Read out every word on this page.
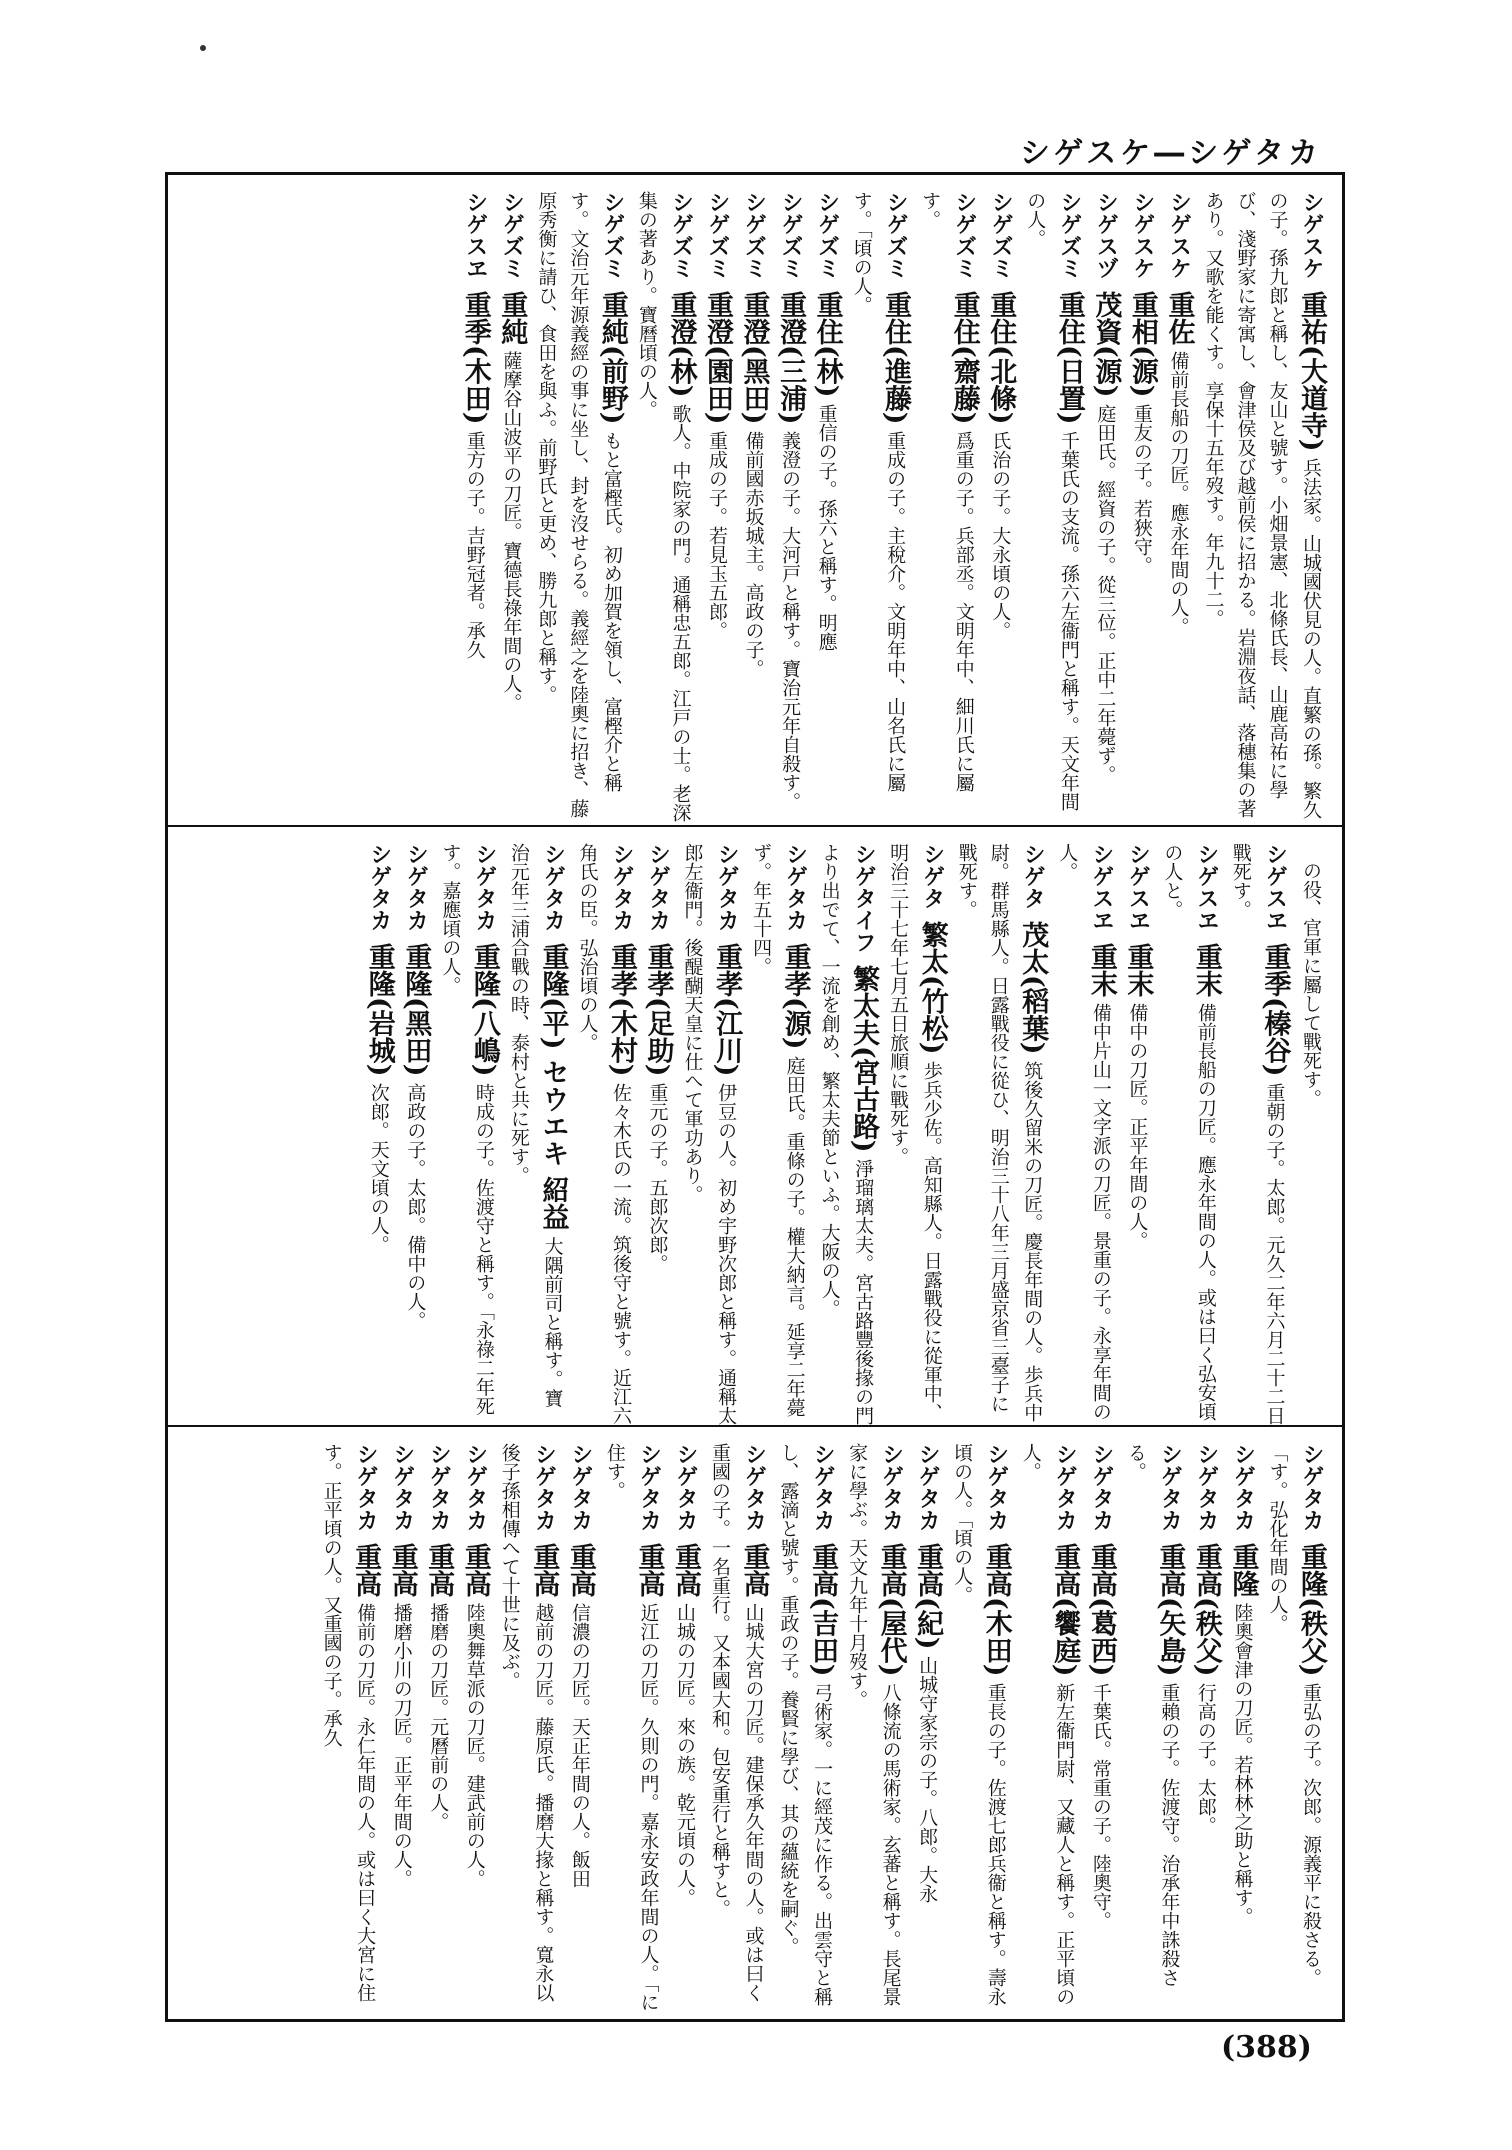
シゲスケ―シゲタカ
シゲスケ重祐(大道寺)兵法家。山城國伏見の人。直繁の孫。繁久の子。孫九郎と稱し、友山と號す。小畑景憲、北條氏長、山鹿高祐に學び、淺野家に寄寓し、會津侯及び越前侯に招かる。岩淵夜話、落穗集の著あり。又歌を能くす。享保十五年歿す。年九十二。
シゲスケ重佐備前長船の刀匠。應永年間の人。
シゲスケ重相(源)重友の子。若狹守。
シゲスヅ茂資(源)庭田氏。經資の子。從三位。正中二年薨ず。
シゲズミ重住(日置)千葉氏の支流。孫六左衞門と稱す。天文年間の人。
シゲズミ重住(北條)氏治の子。大永頃の人。
シゲズミ重住(齋藤)爲重の子。兵部丞。文明年中、細川氏に屬す。
シゲズミ重住(進藤)重成の子。主稅介。文明年中、山名氏に屬す。「頃の人。
シゲズミ重住(林)重信の子。孫六と稱す。明應
シゲズミ重澄(三浦)義澄の子。大河戸と稱す。寶治元年自殺す。
シゲズミ重澄(黑田)備前國赤坂城主。高政の子。
シゲズミ重澄(園田)重成の子。若見玉五郎。
シゲズミ重澄(林)歌人。中院家の門。通稱忠五郎。江戸の士。老深集の著あり。寶曆頃の人。
シゲズミ重純(前野)もと富樫氏。初め加賀を領し、富樫介と稱す。文治元年源義經の事に坐し、封を沒せらる。義經之を陸奧に招き、藤原秀衡に請ひ、食田を與ふ。前野氏と更め、勝九郎と稱す。
シゲズミ重純薩摩谷山波平の刀匠。寶德長祿年間の人。
シゲスヱ重季(木田)重方の子。吉野冠者。承久
の役、官軍に屬して戰死す。
シゲスヱ重季(榛谷)重朝の子。太郎。元久二年六月二十二日戰死す。
シゲスヱ重末備前長船の刀匠。應永年間の人。或は曰く弘安頃の人と。
シゲスヱ重末備中の刀匠。正平年間の人。
シゲスヱ重末備中片山一文字派の刀匠。景重の子。永享年間の人。
シゲタ茂太(稻葉)筑後久留米の刀匠。慶長年間の人。歩兵中尉。群馬縣人。日露戰役に從ひ、明治三十八年三月盛京省三臺子に戰死す。
シゲタ繁太(竹松)歩兵少佐。高知縣人。日露戰役に從軍中、明治三十七年七月五日旅順に戰死す。
シゲタイフ繁太夫(宮古路)淨瑠璃太夫。宮古路豐後掾の門より出でて、一流を創め、繁太夫節といふ。大阪の人。
シゲタカ重孝(源)庭田氏。重條の子。權大納言。延享二年薨ず。年五十四。
シゲタカ重孝(江川)伊豆の人。初め宇野次郎と稱す。通稱太郎左衞門。後醍醐天皇に仕へて軍功あり。
シゲタカ重孝(足助)重元の子。五郎次郎。
シゲタカ重孝(木村)佐々木氏の一流。筑後守と號す。近江六角氏の臣。弘治頃の人。
シゲタカ重隆(平) セウエキ 紹益大隅前司と稱す。寶治元年三浦合戰の時、泰村と共に死す。
シゲタカ重隆(八嶋)時成の子。佐渡守と稱す。「永祿二年死す。嘉應頃の人。
シゲタカ重隆(黑田)高政の子。太郎。備中の人。
シゲタカ重隆(岩城)次郎。天文頃の人。
シゲタカ重隆(秩父)重弘の子。次郎。源義平に殺さる。「す。弘化年間の人。
シゲタカ重隆陸奧會津の刀匠。若林林之助と稱す。
シゲタカ重高(秩父)行高の子。太郎。
シゲタカ重高(矢島)重賴の子。佐渡守。治承年中誅殺さる。
シゲタカ重高(葛西)千葉氏。常重の子。陸奧守。
シゲタカ重高(饗庭)新左衞門尉、又藏人と稱す。正平頃の人。
シゲタカ重高(木田)重長の子。佐渡七郎兵衞と稱す。壽永頃の人。「頃の人。
シゲタカ重高(紀)山城守家宗の子。八郎。大永
シゲタカ重高(屋代)八條流の馬術家。玄蕃と稱す。長尾景家に學ぶ。天文九年十月歿す。
シゲタカ重高(吉田)弓術家。一に經茂に作る。出雲守と稱し、露滴と號す。重政の子。養賢に學び、其の蘊統を嗣ぐ。
シゲタカ重高山城大宮の刀匠。建保承久年間の人。或は曰く重國の子。一名重行。又本國大和。包安重行と稱すと。
シゲタカ重高山城の刀匠。來の族。乾元頃の人。
シゲタカ重高近江の刀匠。久則の門。嘉永安政年間の人。「に住す。
シゲタカ重高信濃の刀匠。天正年間の人。飯田
シゲタカ重高越前の刀匠。藤原氏。播磨大掾と稱す。寬永以後子孫相傳へて十世に及ぶ。
シゲタカ重高陸奧舞草派の刀匠。建武前の人。
シゲタカ重高播磨の刀匠。元曆前の人。
シゲタカ重高播磨小川の刀匠。正平年間の人。
シゲタカ重高備前の刀匠。永仁年間の人。或は曰く大宮に住す。正平頃の人。又重國の子。承久
(388)
